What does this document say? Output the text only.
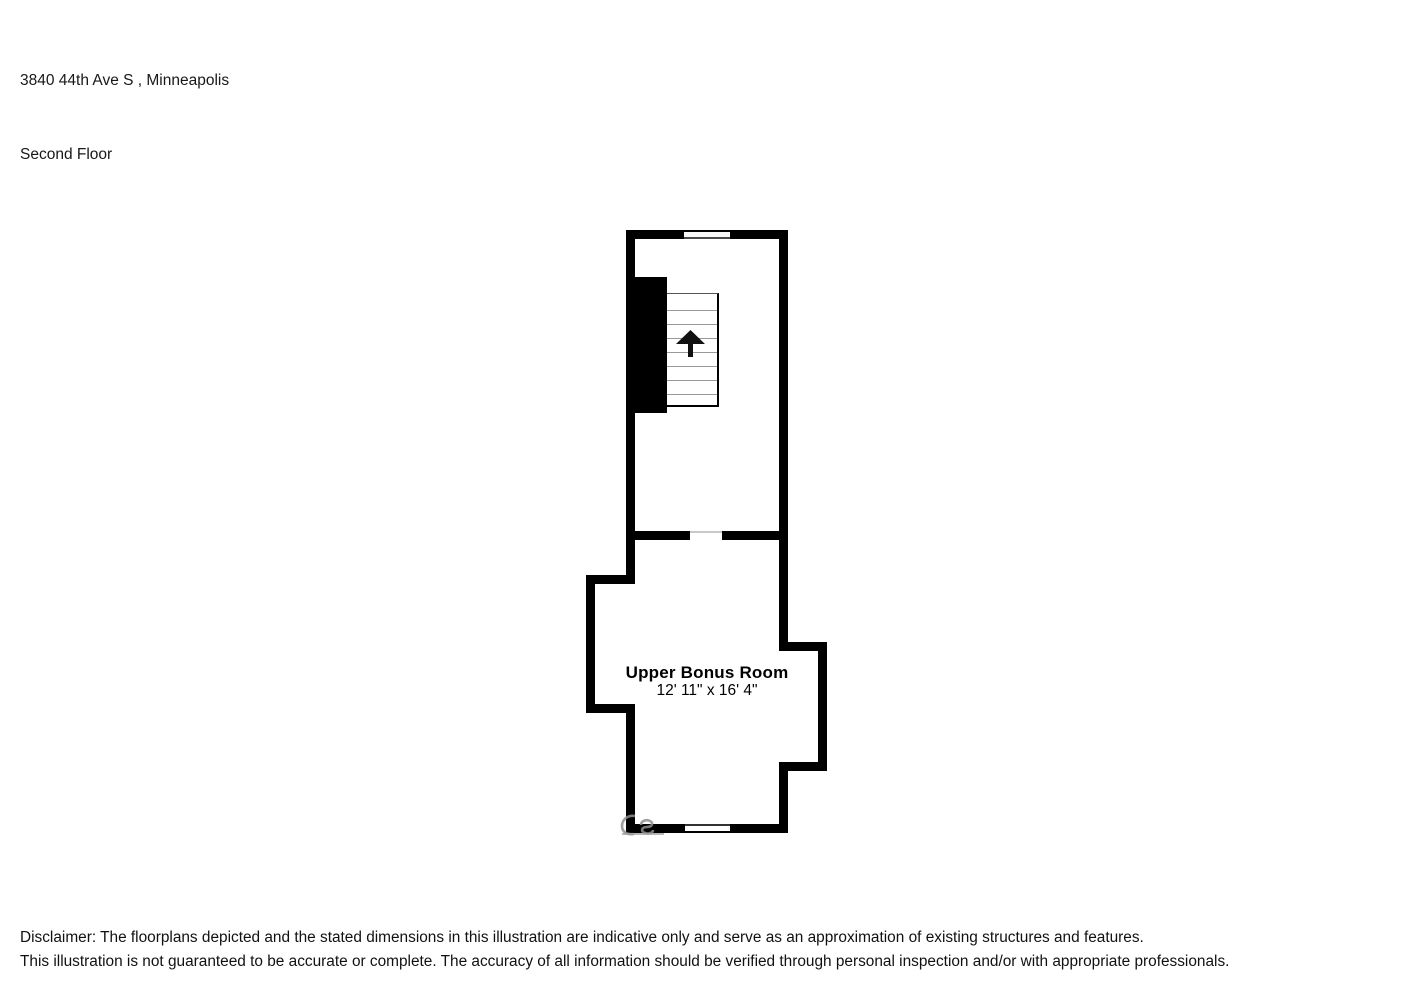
3840 44th Ave S , Minneapolis

Second Floor

Upper Bonus Room
12' 11" x 16' 4"
Disclaimer: The floorplans depicted and the stated dimensions in this illustration are indicative only and serve as an approximation of existing structures and features.
This illustration is not guaranteed to be accurate or complete. The accuracy of all information should be verified through personal inspection and/or with appropriate professionals.
